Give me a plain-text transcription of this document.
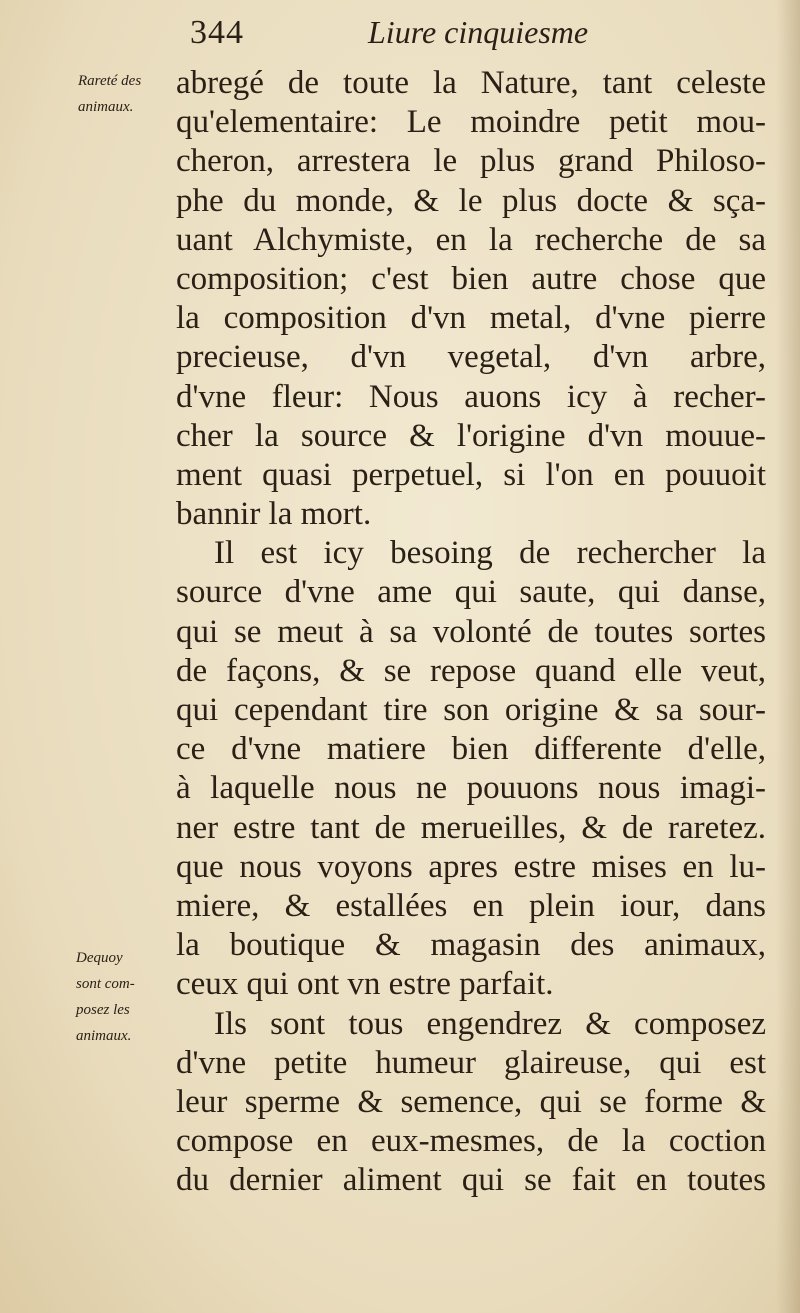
344	Liure cinquiesme
Rareté des
animaux.
Dequoy
sont com-
posez les
animaux.
abregé de toute la Nature, tant celeste
qu'elementaire: Le moindre petit mou-
cheron, arrestera le plus grand Philoso-
phe du monde, & le plus docte & sça-
uant Alchymiste, en la recherche de sa
composition; c'est bien autre chose que
la composition d'vn metal, d'vne pierre
precieuse, d'vn vegetal, d'vn arbre,
d'vne fleur: Nous auons icy à recher-
cher la source & l'origine d'vn mouue-
ment quasi perpetuel, si l'on en pouuoit
bannir la mort.
Il est icy besoing de rechercher la
source d'vne ame qui saute, qui danse,
qui se meut à sa volonté de toutes sortes
de façons, & se repose quand elle veut,
qui cependant tire son origine & sa sour-
ce d'vne matiere bien differente d'elle,
à laquelle nous ne pouuons nous imagi-
ner estre tant de merueilles, & de raretez.
que nous voyons apres estre mises en lu-
miere, & estallées en plein iour, dans
la boutique & magasin des animaux,
ceux qui ont vn estre parfait.
Ils sont tous engendrez & composez
d'vne petite humeur glaireuse, qui est
leur sperme & semence, qui se forme &
compose en eux-mesmes, de la coction
du dernier aliment qui se fait en toutes
